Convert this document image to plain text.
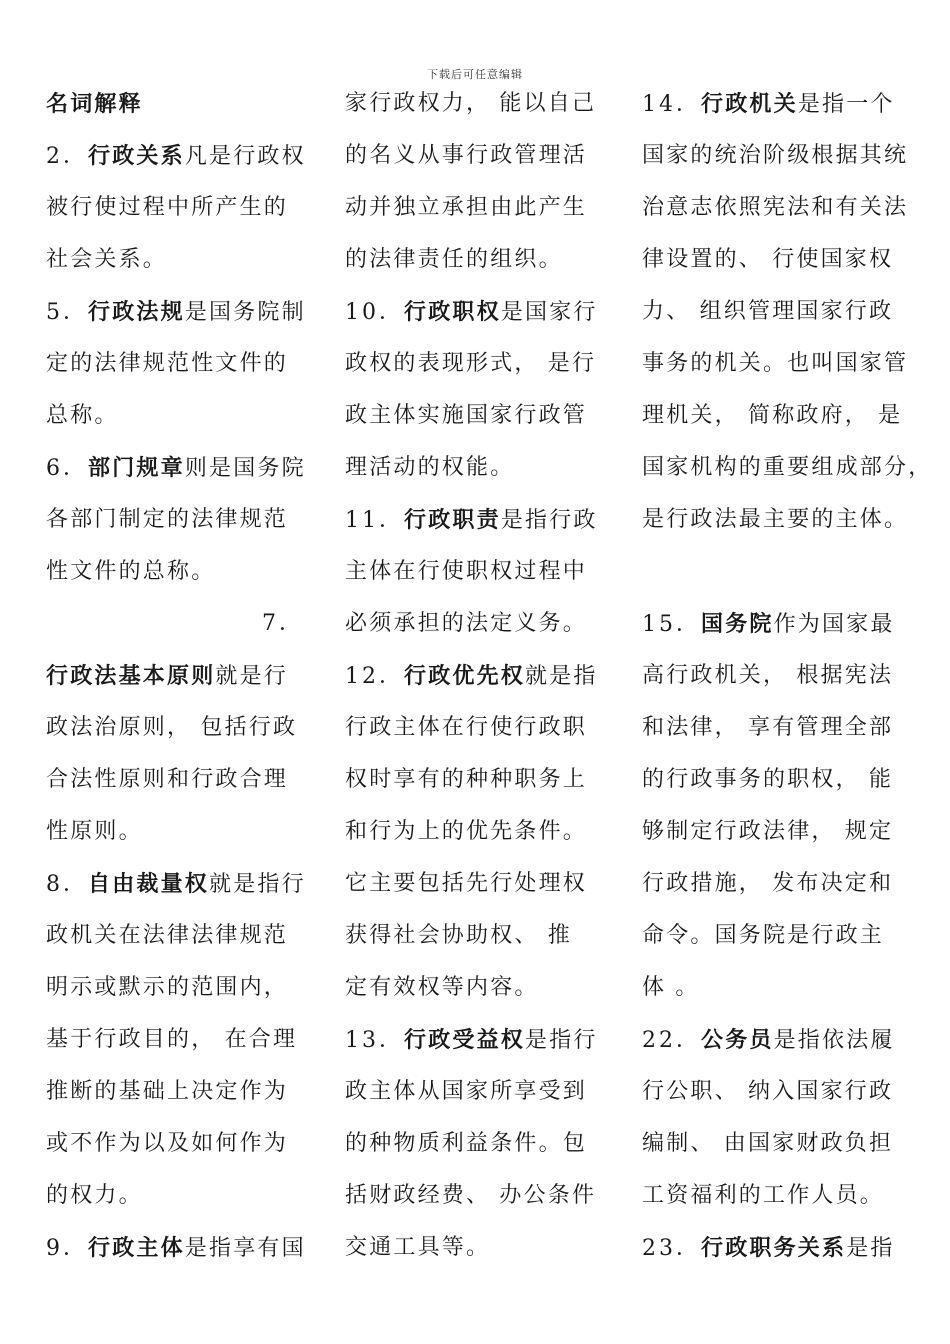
下载后可任意编辑
名词解释
2．行政关系凡是行政权
被行使过程中所产生的
社会关系。
5．行政法规是国务院制
定的法律规范性文件的
总称。
6．部门规章则是国务院
各部门制定的法律规范
性文件的总称。
7．
行政法基本原则就是行
政法治原则， 包括行政
合法性原则和行政合理
性原则。
8．自由裁量权就是指行
政机关在法律法律规范
明示或默示的范围内，
基于行政目的， 在合理
推断的基础上决定作为
或不作为以及如何作为
的权力。
9．行政主体是指享有国
家行政权力， 能以自己
的名义从事行政管理活
动并独立承担由此产生
的法律责任的组织。
10．行政职权是国家行
政权的表现形式， 是行
政主体实施国家行政管
理活动的权能。
11．行政职责是指行政
主体在行使职权过程中
必须承担的法定义务。
12．行政优先权就是指
行政主体在行使行政职
权时享有的种种职务上
和行为上的优先条件。
它主要包括先行处理权
获得社会协助权、 推
定有效权等内容。
13．行政受益权是指行
政主体从国家所享受到
的种物质利益条件。包
括财政经费、 办公条件
交通工具等。
14．行政机关是指一个
国家的统治阶级根据其统
治意志依照宪法和有关法
律设置的、 行使国家权
力、 组织管理国家行政
事务的机关。也叫国家管
理机关， 简称政府， 是
国家机构的重要组成部分，
是行政法最主要的主体。
15．国务院作为国家最
高行政机关， 根据宪法
和法律， 享有管理全部
的行政事务的职权， 能
够制定行政法律， 规定
行政措施， 发布决定和
命令。国务院是行政主
体 。
22．公务员是指依法履
行公职、 纳入国家行政
编制、 由国家财政负担
工资福利的工作人员。
23．行政职务关系是指
